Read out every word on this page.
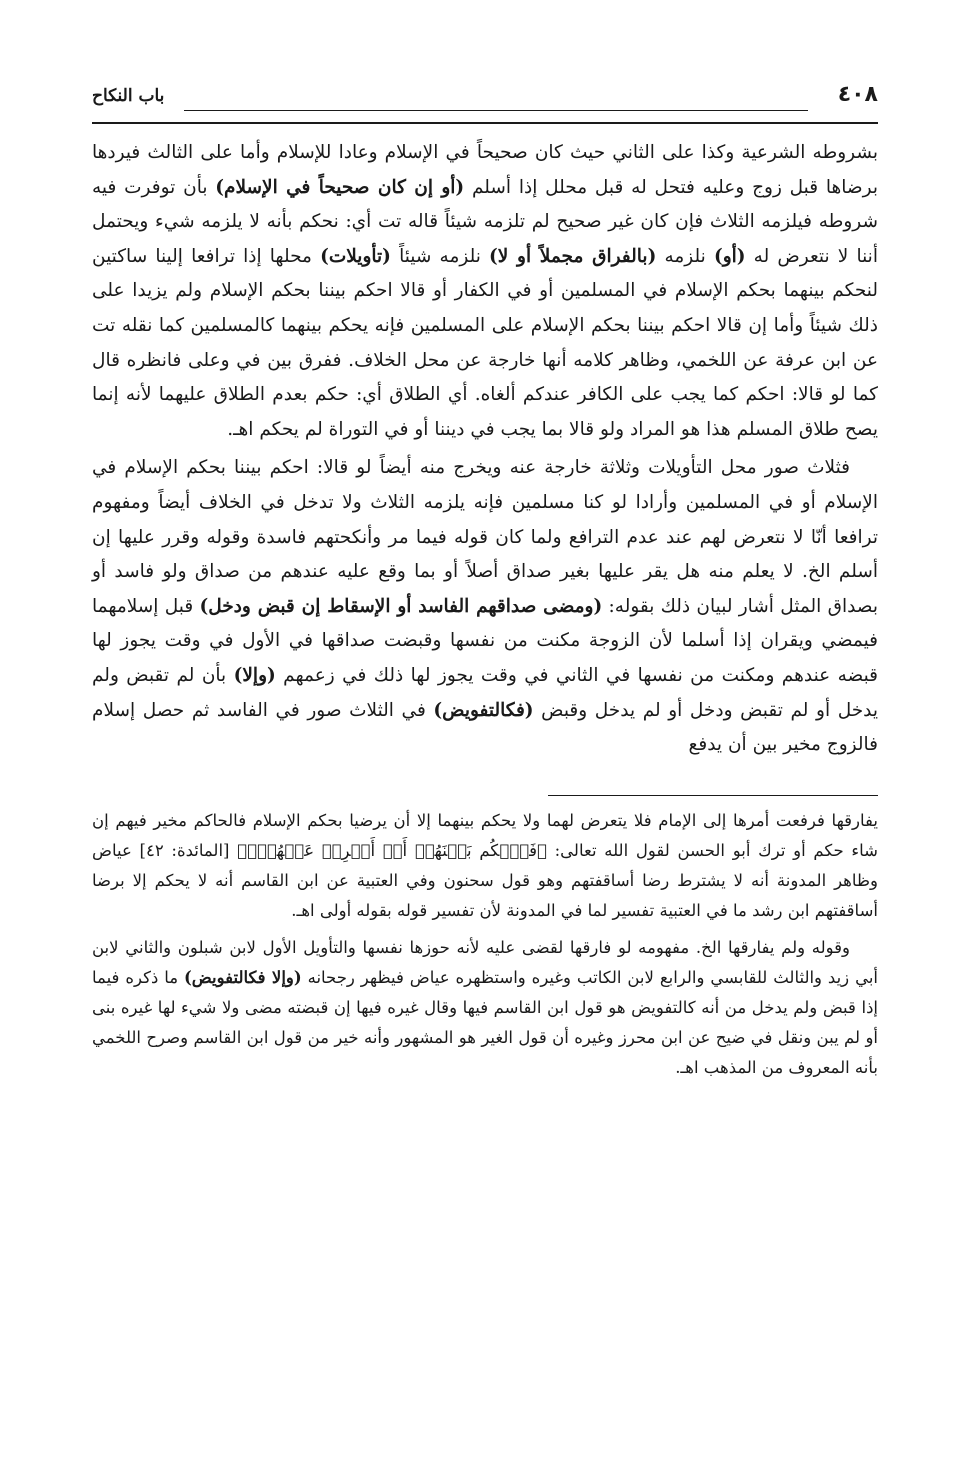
٤٠٨
باب النكاح

بشروطه الشرعية وكذا على الثاني حيث كان صحيحاً في الإسلام وعادا للإسلام وأما على الثالث فيردها برضاها قبل زوج وعليه فتحل له قبل محلل إذا أسلم (أو إن كان صحيحاً في الإسلام) بأن توفرت فيه شروطه فيلزمه الثلاث فإن كان غير صحيح لم تلزمه شيئاً قاله تت أي: نحكم بأنه لا يلزمه شيء ويحتمل أننا لا نتعرض له (أو) نلزمه (بالفراق مجملاً أو لا) نلزمه شيئاً (تأويلات) محلها إذا ترافعا إلينا ساكتين لنحكم بينهما بحكم الإسلام في المسلمين أو في الكفار أو قالا احكم بيننا بحكم الإسلام ولم يزيدا على ذلك شيئاً وأما إن قالا احكم بيننا بحكم الإسلام على المسلمين فإنه يحكم بينهما كالمسلمين كما نقله تت عن ابن عرفة عن اللخمي، وظاهر كلامه أنها خارجة عن محل الخلاف. ففرق بين في وعلى فانظره قال كما لو قالا: احكم كما يجب على الكافر عندكم ألغاه. أي الطلاق أي: حكم بعدم الطلاق عليهما لأنه إنما يصح طلاق المسلم هذا هو المراد ولو قالا بما يجب في ديننا أو في التوراة لم يحكم اهـ.

فثلاث صور محل التأويلات وثلاثة خارجة عنه ويخرج منه أيضاً لو قالا: احكم بيننا بحكم الإسلام في الإسلام أو في المسلمين وأرادا لو كنا مسلمين فإنه يلزمه الثلاث ولا تدخل في الخلاف أيضاً ومفهوم ترافعا أنّا لا نتعرض لهم عند عدم الترافع ولما كان قوله فيما مر وأنكحتهم فاسدة وقوله وقرر عليها إن أسلم الخ. لا يعلم منه هل يقر عليها بغير صداق أصلاً أو بما وقع عليه عندهم من صداق ولو فاسد أو بصداق المثل أشار لبيان ذلك بقوله: (ومضى صداقهم الفاسد أو الإسقاط إن قبض ودخل) قبل إسلامهما فيمضي ويقران إذا أسلما لأن الزوجة مكنت من نفسها وقبضت صداقها في الأول في وقت يجوز لها قبضه عندهم ومكنت من نفسها في الثاني في وقت يجوز لها ذلك في زعمهم (وإلا) بأن لم تقبض ولم يدخل أو لم تقبض ودخل أو لم يدخل وقبض (فكالتفويض) في الثلاث صور في الفاسد ثم حصل إسلام فالزوج مخير بين أن يدفع

يفارقها فرفعت أمرها إلى الإمام فلا يتعرض لهما ولا يحكم بينهما إلا أن يرضيا بحكم الإسلام فالحاكم مخير فيهم إن شاء حكم أو ترك أبو الحسن لقول الله تعالى: ﴿فَٱحۡكُم بَيۡنَهُمۡ أَوۡ أَعۡرِضۡ عَنۡهُمۡۖ﴾ [المائدة: ٤٢] عياض وظاهر المدونة أنه لا يشترط رضا أساقفتهم وهو قول سحنون وفي العتبية عن ابن القاسم أنه لا يحكم إلا برضا أساقفتهم ابن رشد ما في العتبية تفسير لما في المدونة لأن تفسير قوله بقوله أولى اهـ.

وقوله ولم يفارقها الخ. مفهومه لو فارقها لقضى عليه لأنه حوزها نفسها والتأويل الأول لابن شبلون والثاني لابن أبي زيد والثالث للقابسي والرابع لابن الكاتب وغيره واستظهره عياض فيظهر رجحانه (وإلا فكالتفويض) ما ذكره فيما إذا قبض ولم يدخل من أنه كالتفويض هو قول ابن القاسم فيها وقال غيره فيها إن قبضته مضى ولا شيء لها غيره بنى أو لم يبن ونقل في ضيح عن ابن محرز وغيره أن قول الغير هو المشهور وأنه خير من قول ابن القاسم وصرح اللخمي بأنه المعروف من المذهب اهـ.
